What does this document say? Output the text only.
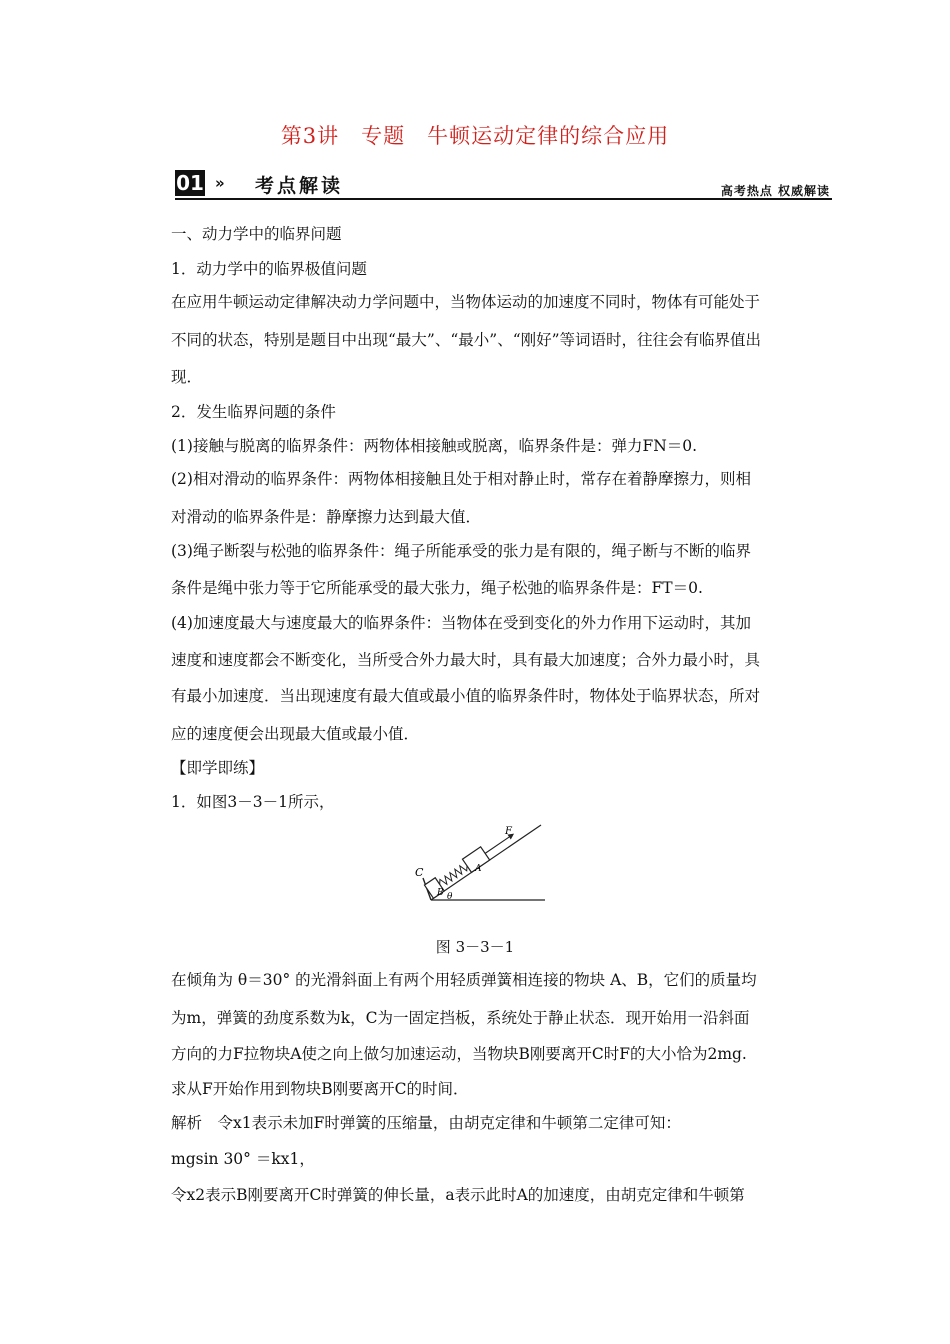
第3讲　专题　牛顿运动定律的综合应用
01 » 考点解读	高考热点 权威解读
一、动力学中的临界问题
1．动力学中的临界极值问题
在应用牛顿运动定律解决动力学问题中，当物体运动的加速度不同时，物体有可能处于
不同的状态，特别是题目中出现“最大”、“最小”、“刚好”等词语时，往往会有临界值出
现．
2．发生临界问题的条件
(1)接触与脱离的临界条件：两物体相接触或脱离，临界条件是：弹力FN＝0.
(2)相对滑动的临界条件：两物体相接触且处于相对静止时，常存在着静摩擦力，则相
对滑动的临界条件是：静摩擦力达到最大值．
(3)绳子断裂与松弛的临界条件：绳子所能承受的张力是有限的，绳子断与不断的临界
条件是绳中张力等于它所能承受的最大张力，绳子松弛的临界条件是：FT＝0.
(4)加速度最大与速度最大的临界条件：当物体在受到变化的外力作用下运动时，其加
速度和速度都会不断变化，当所受合外力最大时，具有最大加速度；合外力最小时，具
有最小加速度．当出现速度有最大值或最小值的临界条件时，物体处于临界状态，所对
应的速度便会出现最大值或最小值．
【即学即练】
1．如图3－3－1所示，
C
B
A
F
θ
图 3－3－1
在倾角为 θ＝30° 的光滑斜面上有两个用轻质弹簧相连接的物块 A、B，它们的质量均
为m，弹簧的劲度系数为k，C为一固定挡板，系统处于静止状态．现开始用一沿斜面
方向的力F拉物块A使之向上做匀加速运动，当物块B刚要离开C时F的大小恰为2mg.
求从F开始作用到物块B刚要离开C的时间．
解析　令x1表示未加F时弹簧的压缩量，由胡克定律和牛顿第二定律可知：
mgsin 30° ＝kx1，
令x2表示B刚要离开C时弹簧的伸长量，a表示此时A的加速度，由胡克定律和牛顿第
